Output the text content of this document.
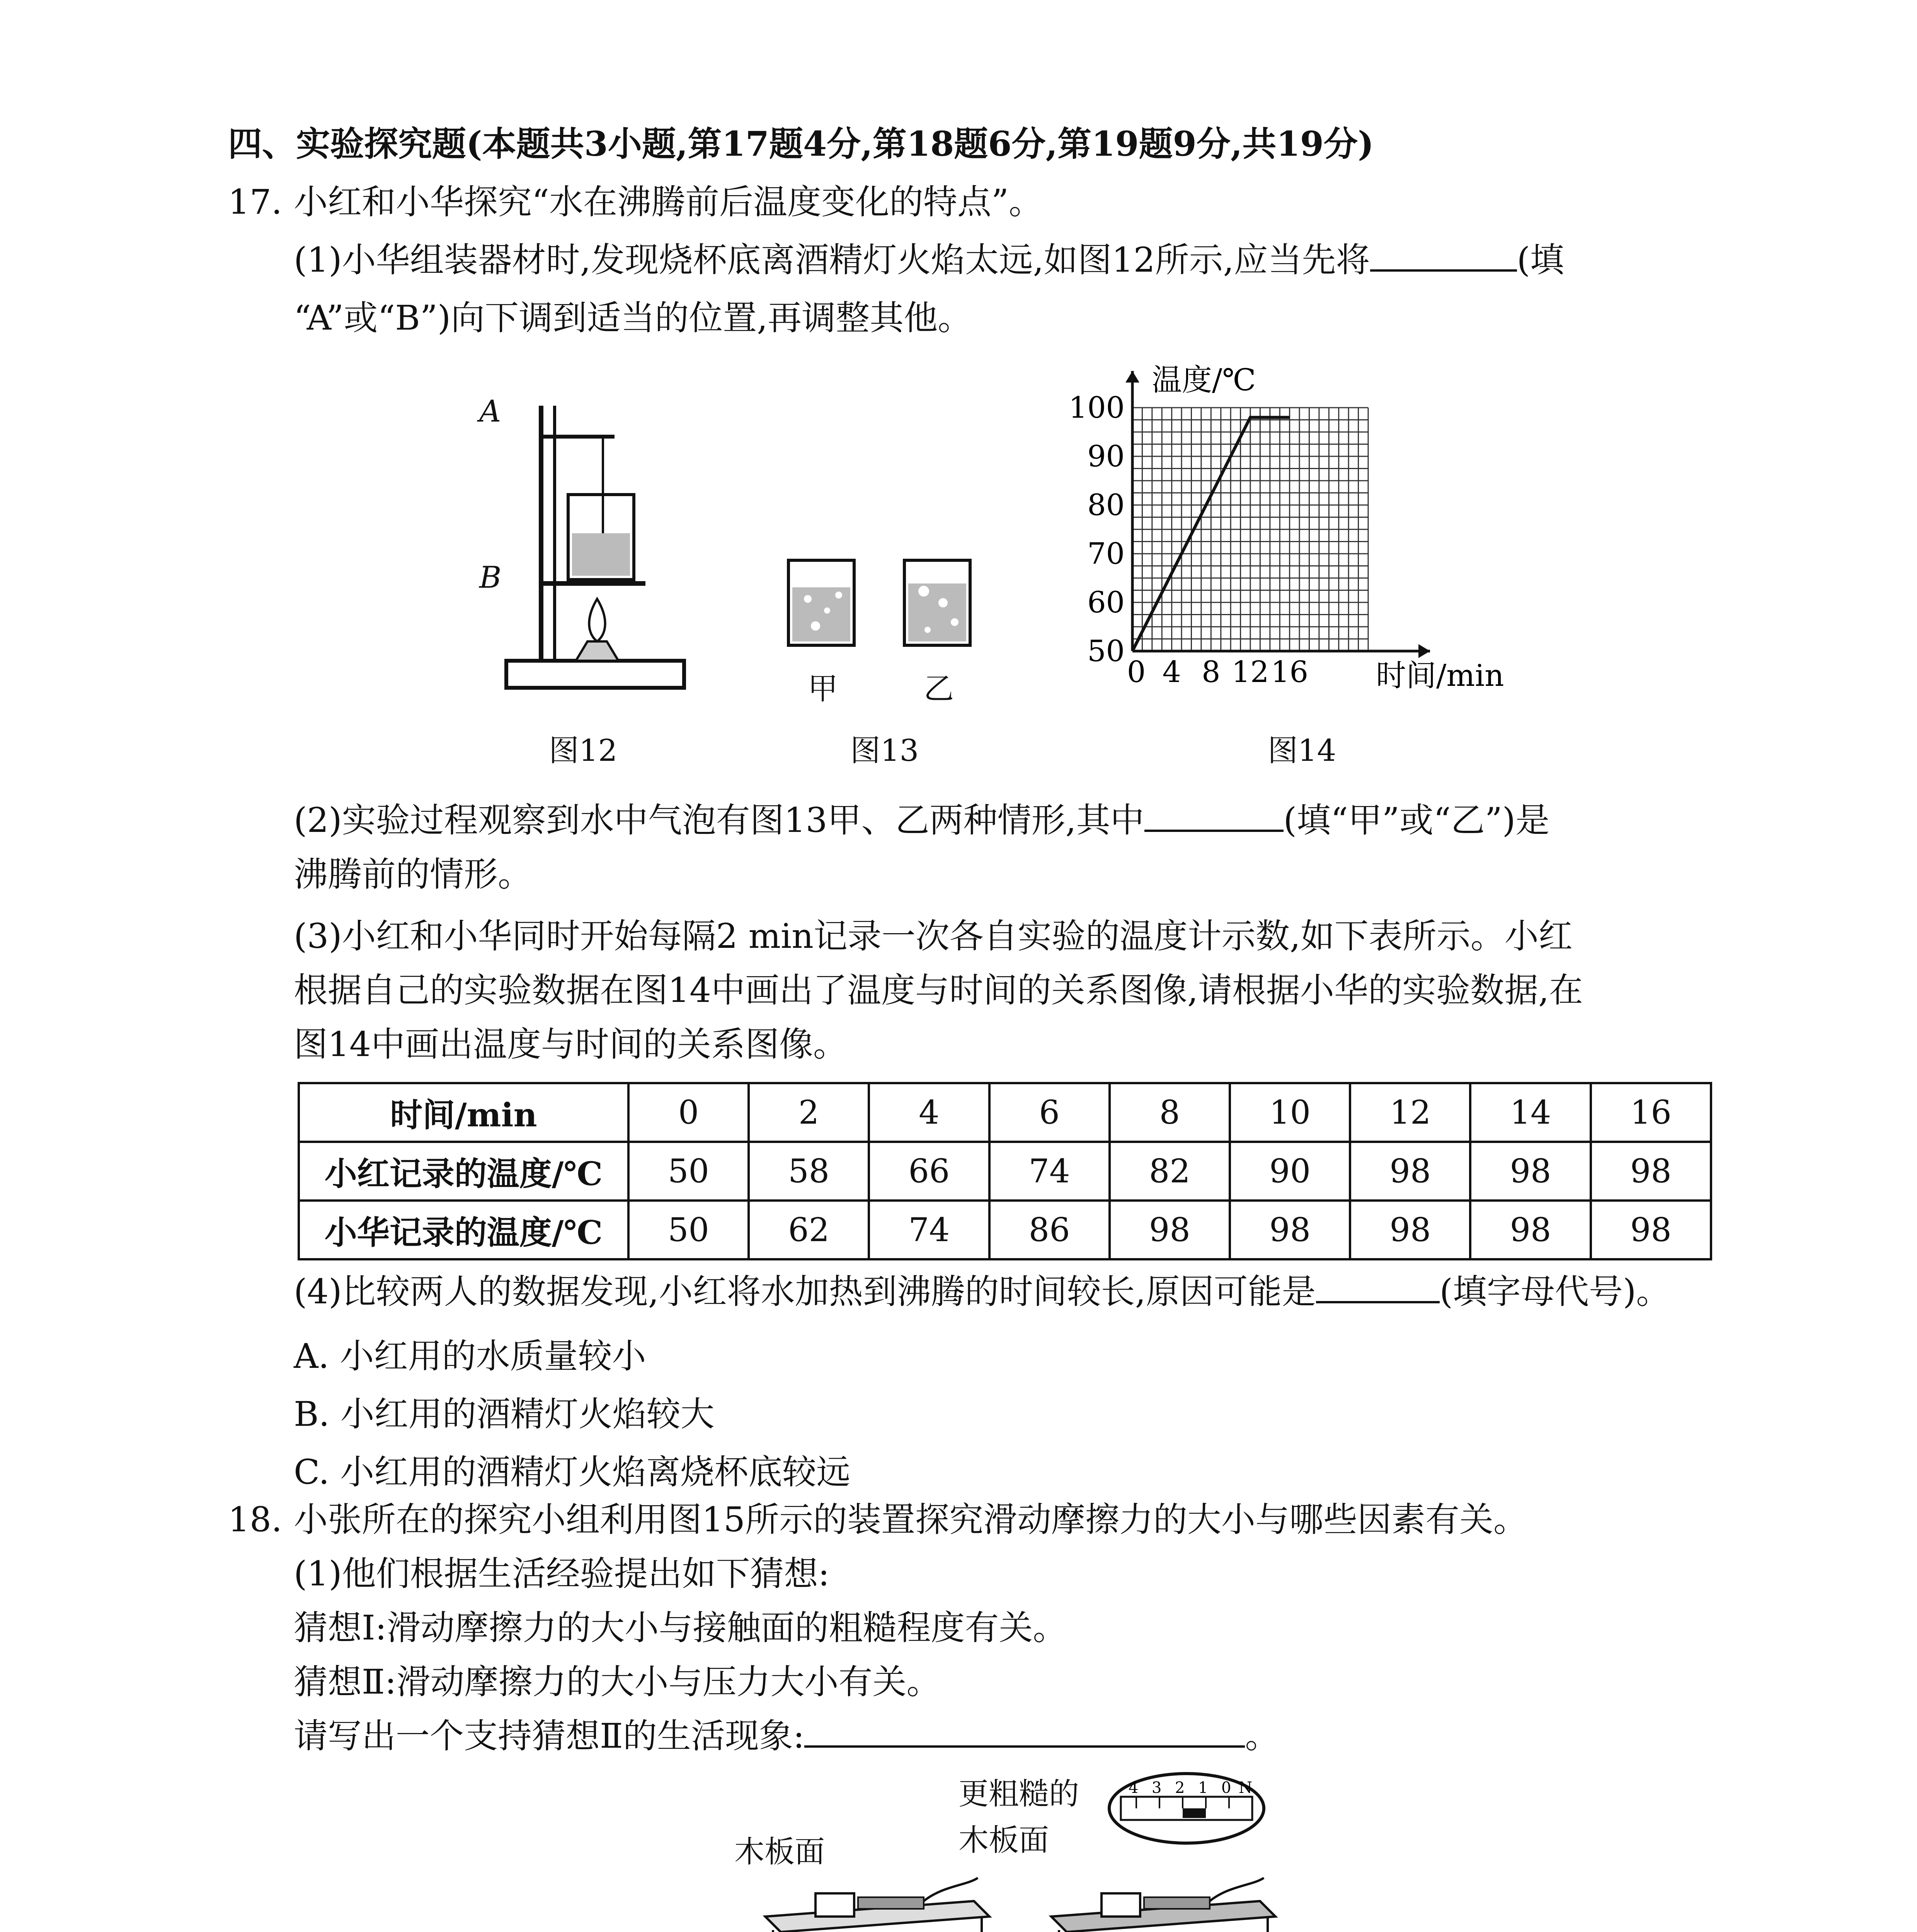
四、实验探究题(本题共3小题,第17题4分,第18题6分,第19题9分,共19分)
17. 小红和小华探究“水在沸腾前后温度变化的特点”。
(1)小华组装器材时,发现烧杯底离酒精灯火焰太远,如图12所示,应当先将	(填
“A”或“B”)向下调到适当的位置,再调整其他。
A
B
图12
甲	乙
图13
50
60
70
80
90
100
0 4 8 12 16
温度/℃
时间/min
图14
(2)实验过程观察到水中气泡有图13甲、乙两种情形,其中	(填“甲”或“乙”)是
沸腾前的情形。
(3)小红和小华同时开始每隔2 min记录一次各自实验的温度计示数,如下表所示。小红
根据自己的实验数据在图14中画出了温度与时间的关系图像,请根据小华的实验数据,在
图14中画出温度与时间的关系图像。
时间/min	0	2	4	6	8	10	12	14	16
小红记录的温度/℃	50	58	66	74	82	90	98	98	98
小华记录的温度/℃	50	62	74	86	98	98	98	98	98
(4)比较两人的数据发现,小红将水加热到沸腾的时间较长,原因可能是	(填字母代号)。
A. 小红用的水质量较小
B. 小红用的酒精灯火焰较大
C. 小红用的酒精灯火焰离烧杯底较远
18. 小张所在的探究小组利用图15所示的装置探究滑动摩擦力的大小与哪些因素有关。
(1)他们根据生活经验提出如下猜想:
猜想Ⅰ:滑动摩擦力的大小与接触面的粗糙程度有关。
猜想Ⅱ:滑动摩擦力的大小与压力大小有关。
请写出一个支持猜想Ⅱ的生活现象:	。
更粗糙的
木板面
木板面
4 3 2 1 0 N
